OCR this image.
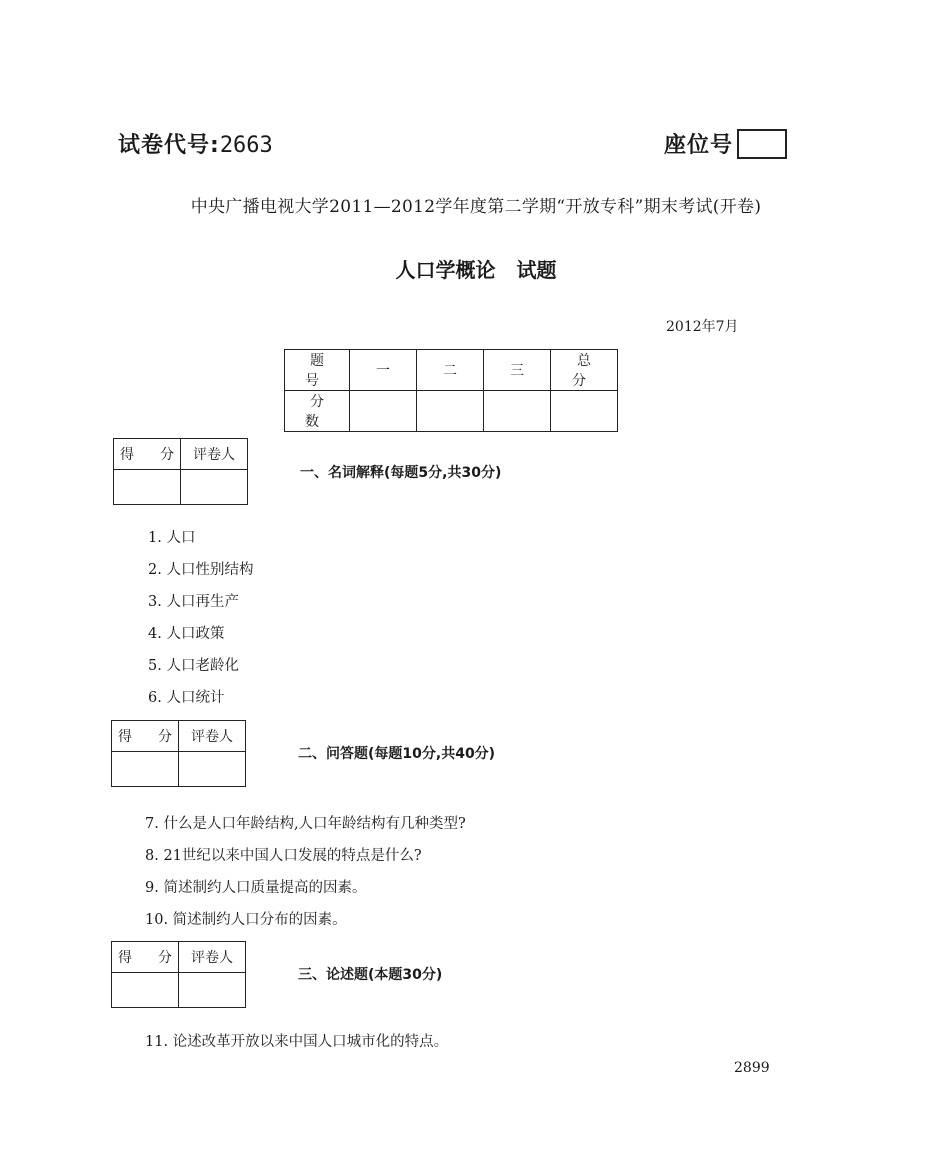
试卷代号:2663	座位号
中央广播电视大学2011—2012学年度第二学期“开放专科”期末考试(开卷)
人口学概论 试题
2012年7月
题　号	一	二	三	总　分
分　数				
得　分	评卷人

一、名词解释(每题5分,共30分)
1. 人口
2. 人口性别结构
3. 人口再生产
4. 人口政策
5. 人口老龄化
6. 人口统计
得　分	评卷人

二、问答题(每题10分,共40分)
7. 什么是人口年龄结构,人口年龄结构有几种类型?
8. 21世纪以来中国人口发展的特点是什么?
9. 简述制约人口质量提高的因素。
10. 简述制约人口分布的因素。
得　分	评卷人

三、论述题(本题30分)
11. 论述改革开放以来中国人口城市化的特点。
2899
